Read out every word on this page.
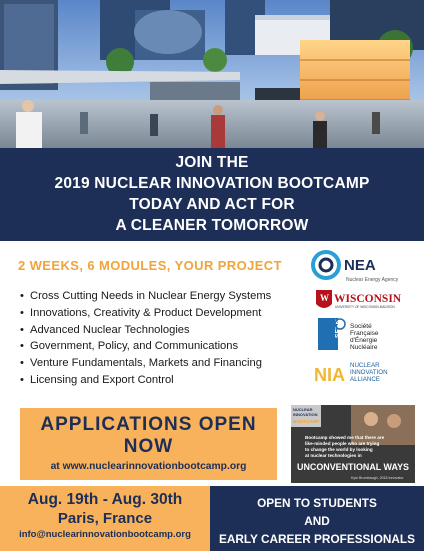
JOIN THE
2019 NUCLEAR INNOVATION BOOTCAMP
TODAY AND ACT FOR
A CLEANER TOMORROW
2 WEEKS, 6 MODULES, YOUR PROJECT
• Cross Cutting Needs in Nuclear Energy Systems
• Innovations, Creativity & Product Development
• Advanced Nuclear Technologies
• Government, Policy, and Communications
• Venture Fundamentals, Markets and Financing
• Licensing and Export Control
NEA
Nuclear Energy Agency
W WISCONSIN
UNIVERSITY OF WISCONSIN-MADISON
SFEN Société
Française
d'Énergie
Nucléaire
NIA NUCLEAR
INNOVATION
ALLIANCE
NUCLEAR
INNOVATION
BOOTCAMP
Bootcamp showed me that there are
like-minded people who are trying
to change the world by looking
at nuclear technologies in
UNCONVENTIONAL WAYS
Kyle Brumbaugh, 2018 Innovator
APPLICATIONS OPEN
NOW
at www.nuclearinnovationbootcamp.org
Aug. 19th - Aug. 30th
Paris, France
info@nuclearinnovationbootcamp.org
OPEN TO STUDENTS
AND
EARLY CAREER PROFESSIONALS
